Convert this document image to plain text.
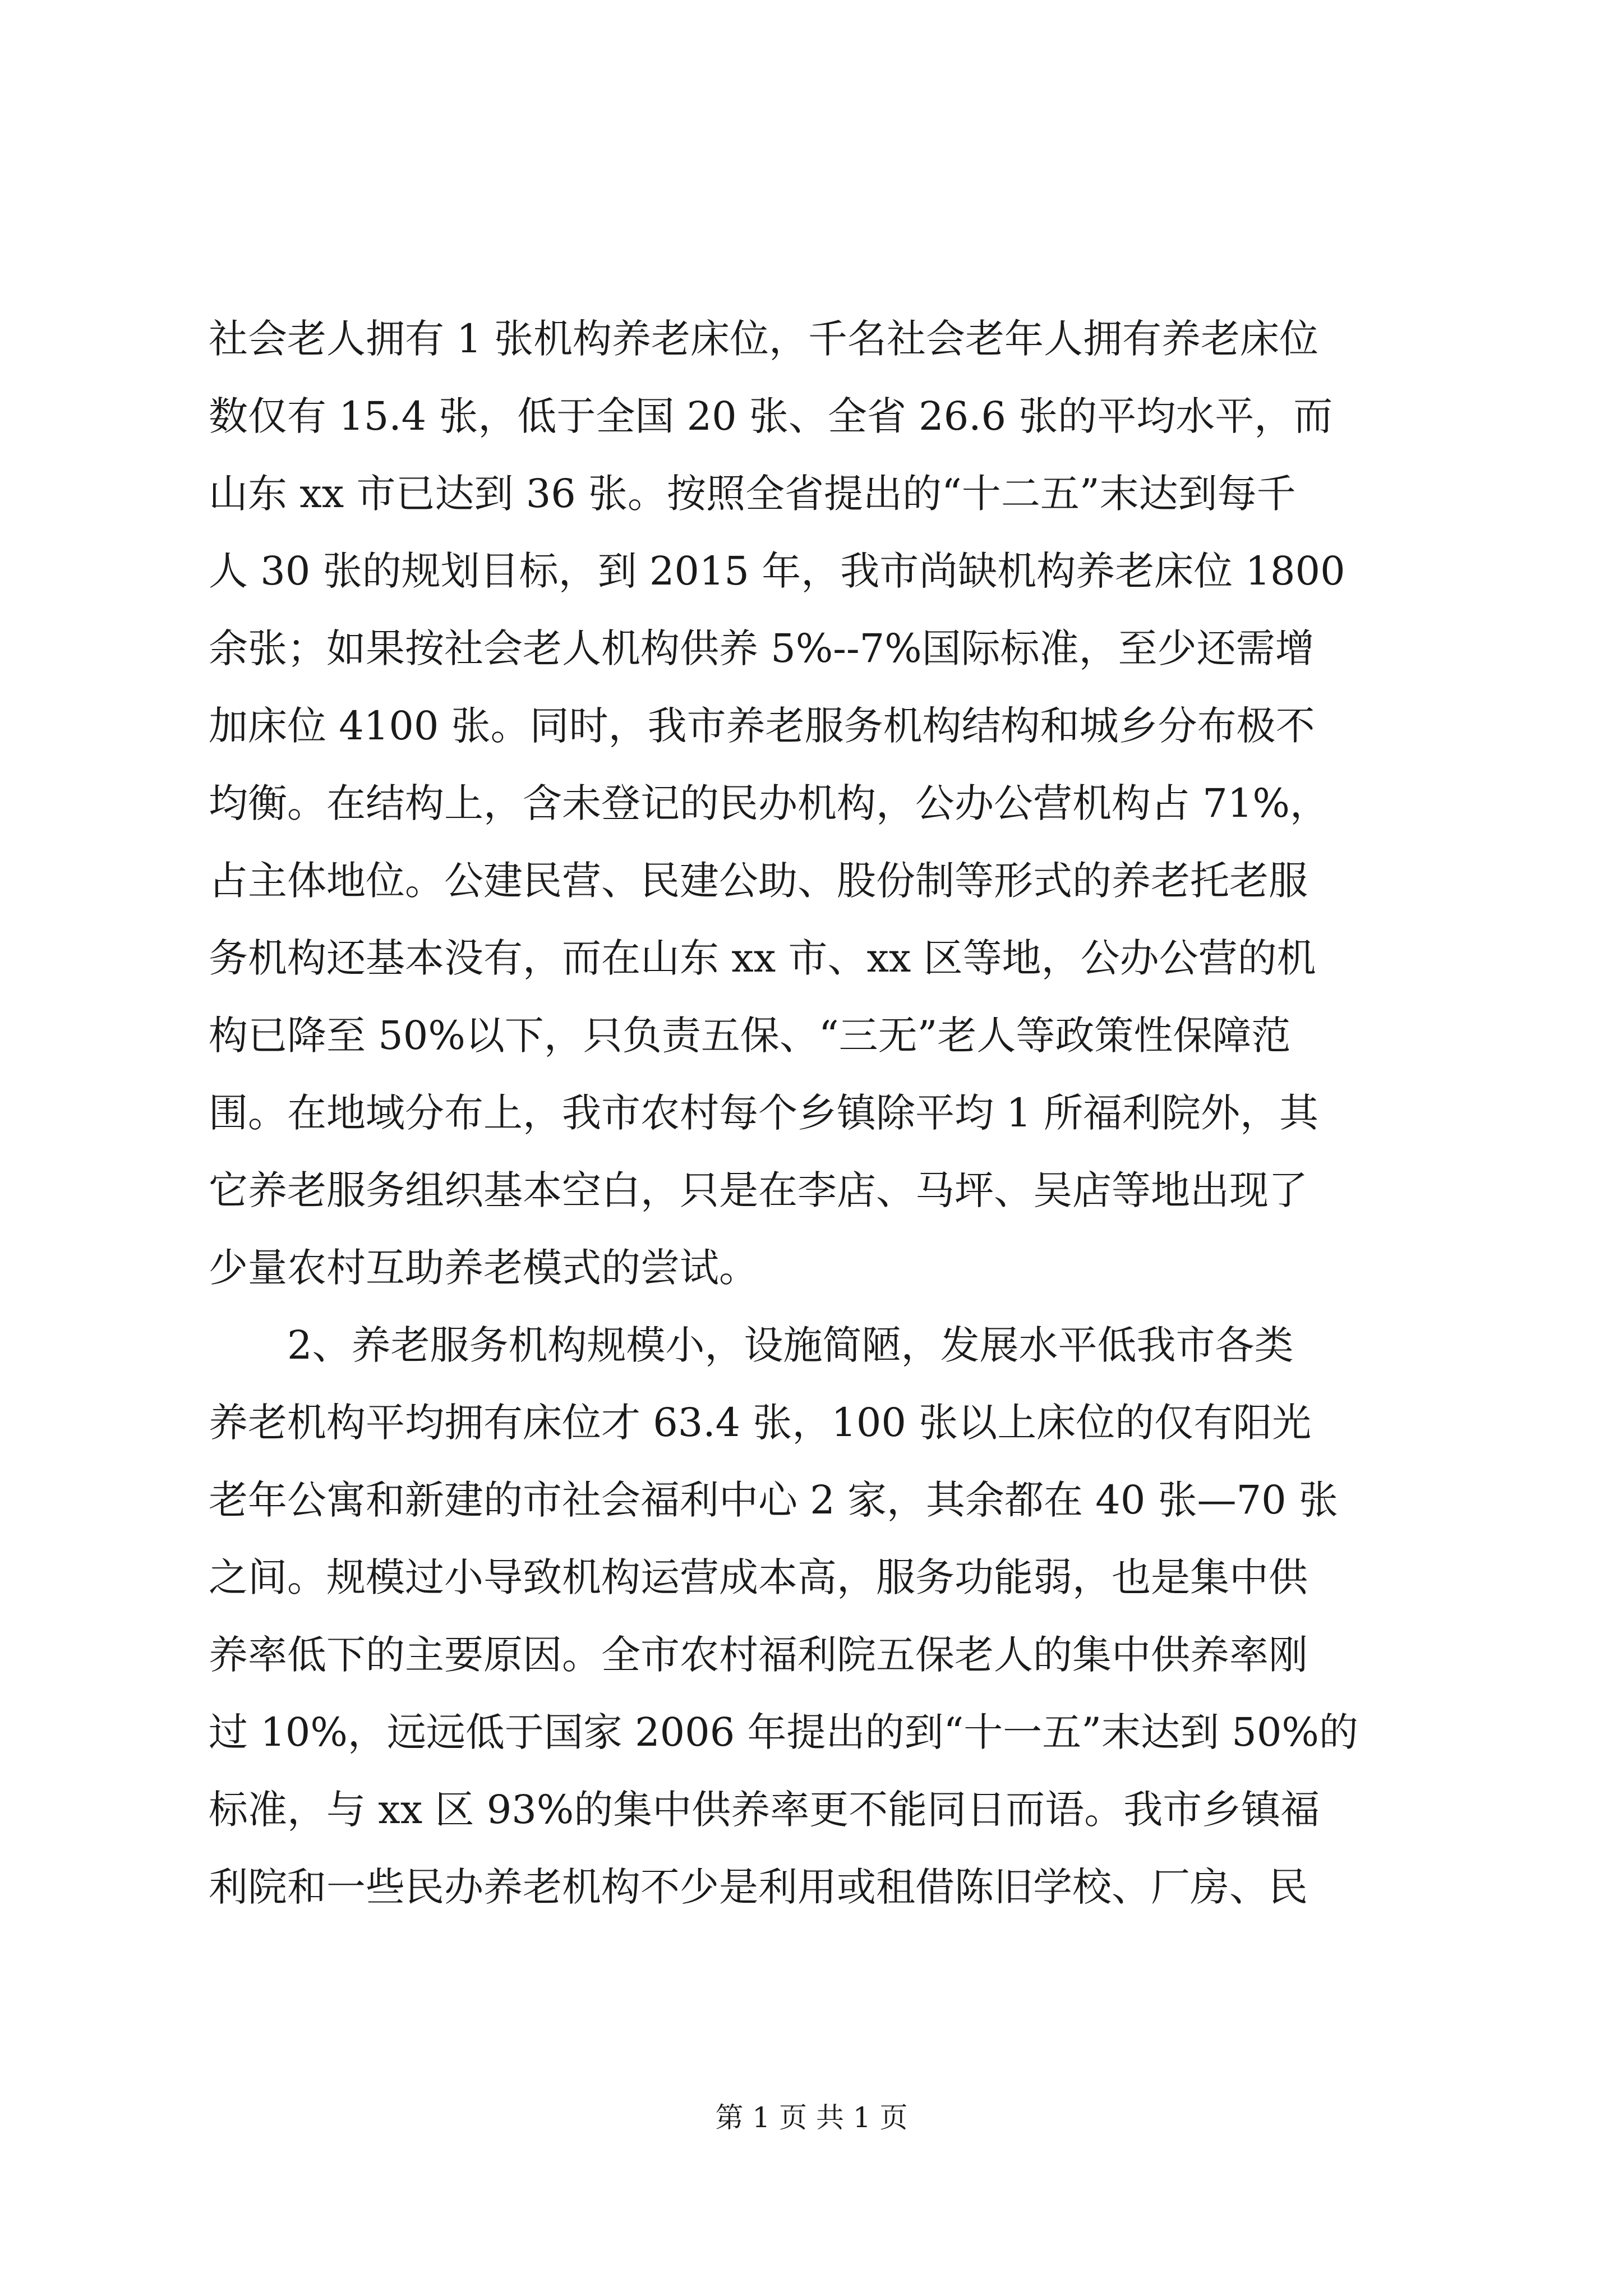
社会老人拥有 1 张机构养老床位，千名社会老年人拥有养老床位
数仅有 15.4 张，低于全国 20 张、全省 26.6 张的平均水平，而
山东 xx 市已达到 36 张。按照全省提出的“十二五”末达到每千
人 30 张的规划目标，到 2015 年，我市尚缺机构养老床位 1800
余张；如果按社会老人机构供养 5%--7%国际标准，至少还需增
加床位 4100 张。同时，我市养老服务机构结构和城乡分布极不
均衡。在结构上，含未登记的民办机构，公办公营机构占 71%，
占主体地位。公建民营、民建公助、股份制等形式的养老托老服
务机构还基本没有，而在山东 xx 市、xx 区等地，公办公营的机
构已降至 50%以下，只负责五保、“三无”老人等政策性保障范
围。在地域分布上，我市农村每个乡镇除平均 1 所福利院外，其
它养老服务组织基本空白，只是在李店、马坪、吴店等地出现了
少量农村互助养老模式的尝试。
2、养老服务机构规模小，设施简陋，发展水平低我市各类
养老机构平均拥有床位才 63.4 张，100 张以上床位的仅有阳光
老年公寓和新建的市社会福利中心 2 家，其余都在 40 张—70 张
之间。规模过小导致机构运营成本高，服务功能弱，也是集中供
养率低下的主要原因。全市农村福利院五保老人的集中供养率刚
过 10%，远远低于国家 2006 年提出的到“十一五”末达到 50%的
标准，与 xx 区 93%的集中供养率更不能同日而语。我市乡镇福
利院和一些民办养老机构不少是利用或租借陈旧学校、厂房、民
第 1 页 共 1 页
